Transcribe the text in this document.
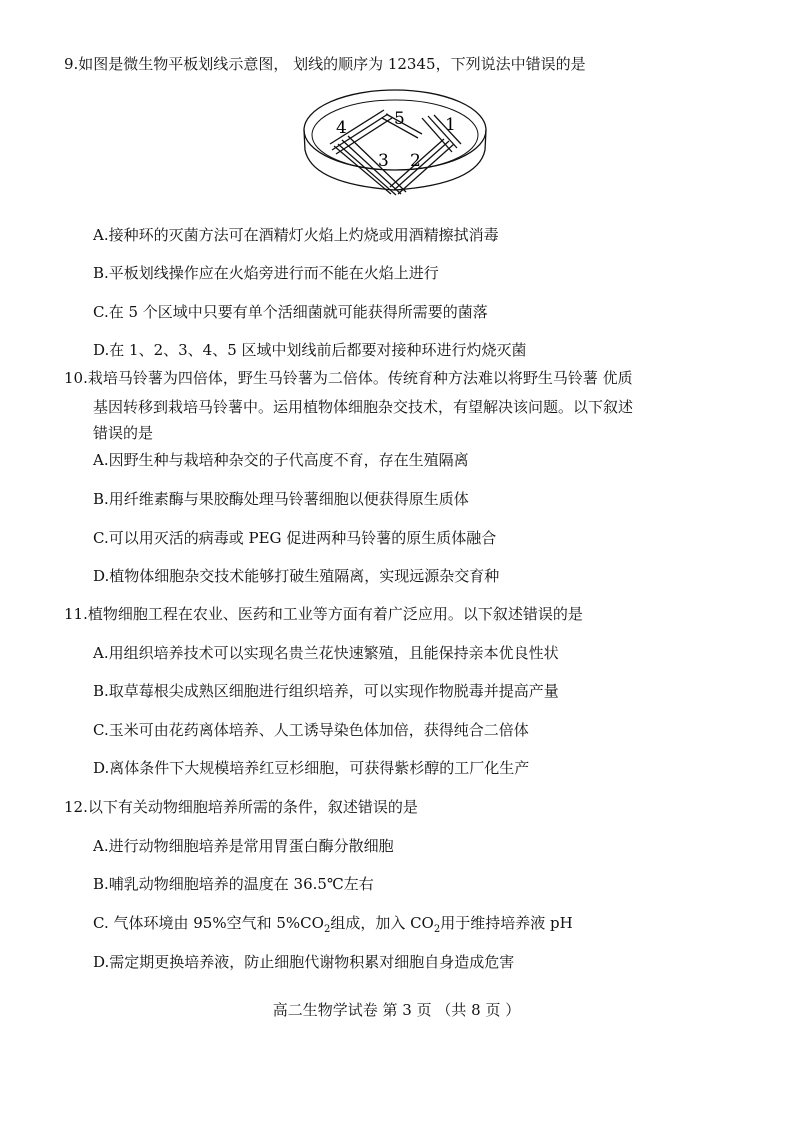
9.如图是微生物平板划线示意图， 划线的顺序为 12345，下列说法中错误的是
1
2
3
4	5
A.接种环的灭菌方法可在酒精灯火焰上灼烧或用酒精擦拭消毒
B.平板划线操作应在火焰旁进行而不能在火焰上进行
C.在 5 个区域中只要有单个活细菌就可能获得所需要的菌落
D.在 1、2、3、4、5 区域中划线前后都要对接种环进行灼烧灭菌
10.栽培马铃薯为四倍体，野生马铃薯为二倍体。传统育种方法难以将野生马铃薯 优质
基因转移到栽培马铃薯中。运用植物体细胞杂交技术，有望解决该问题。以下叙述
错误的是
A.因野生种与栽培种杂交的子代高度不育，存在生殖隔离
B.用纤维素酶与果胶酶处理马铃薯细胞以便获得原生质体
C.可以用灭活的病毒或 PEG 促进两种马铃薯的原生质体融合
D.植物体细胞杂交技术能够打破生殖隔离，实现远源杂交育种
11.植物细胞工程在农业、医药和工业等方面有着广泛应用。以下叙述错误的是
A.用组织培养技术可以实现名贵兰花快速繁殖，且能保持亲本优良性状
B.取草莓根尖成熟区细胞进行组织培养，可以实现作物脱毒并提高产量
C.玉米可由花药离体培养、人工诱导染色体加倍，获得纯合二倍体
D.离体条件下大规模培养红豆杉细胞，可获得紫杉醇的工厂化生产
12.以下有关动物细胞培养所需的条件，叙述错误的是
A.进行动物细胞培养是常用胃蛋白酶分散细胞
B.哺乳动物细胞培养的温度在 36.5℃左右
C. 气体环境由 95%空气和 $5\%CO_2$组成，加入 $CO_2$用于维持培养液 pH
D.需定期更换培养液，防止细胞代谢物积累对细胞自身造成危害
高二生物学试卷 第 3 页 （共 8 页 ）
